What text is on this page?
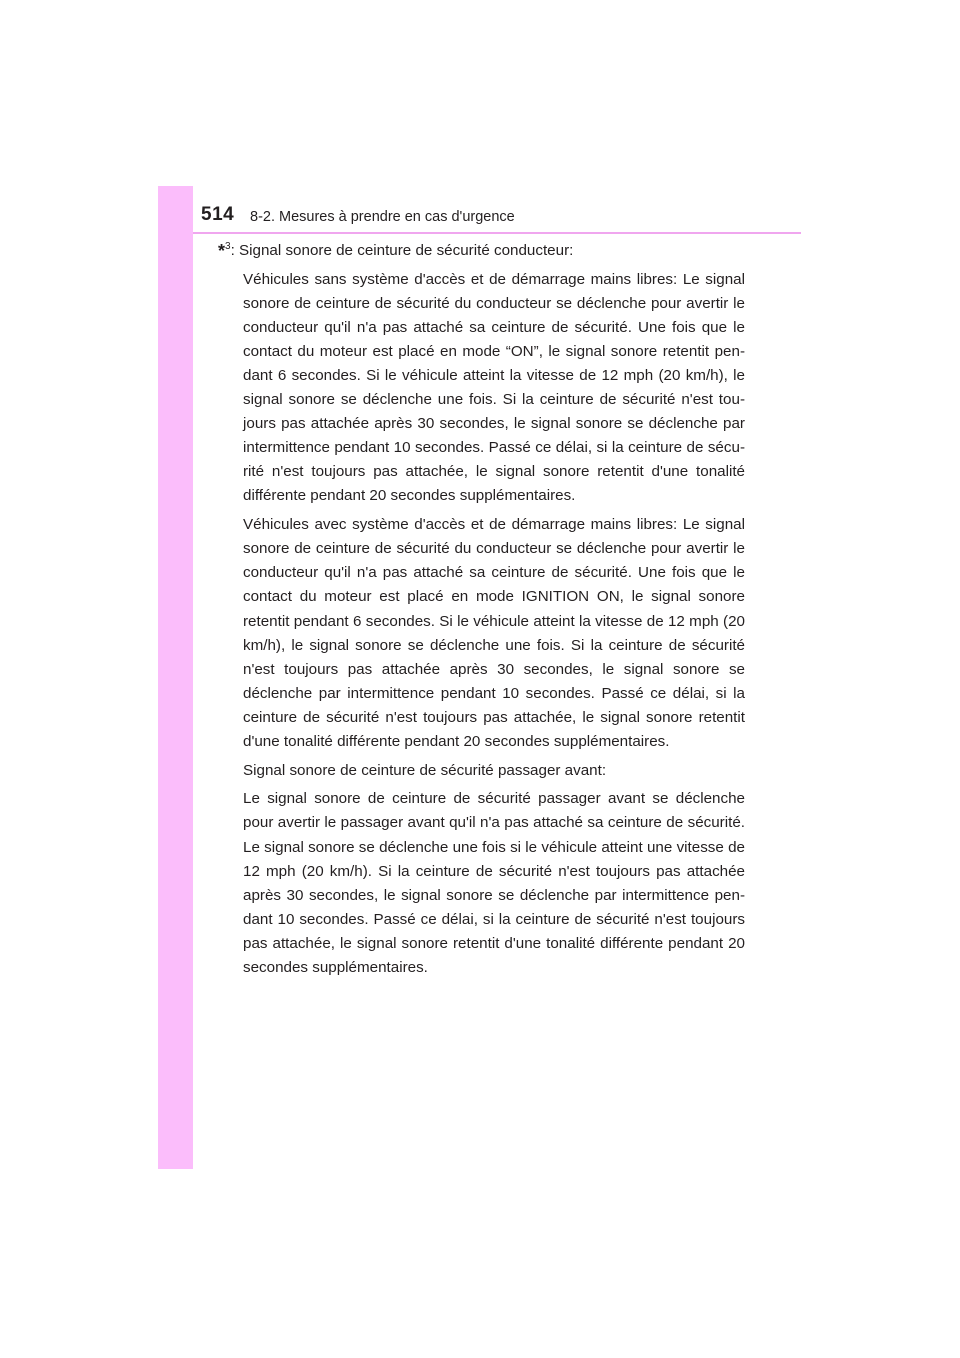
514 8-2. Mesures à prendre en cas d'urgence

*$^3$: Signal sonore de ceinture de sécurité conducteur:

Véhicules sans système d'accès et de démarrage mains libres: Le signal sonore de ceinture de sécurité du conducteur se déclenche pour avertir le conducteur qu'il n'a pas attaché sa ceinture de sécurité. Une fois que le contact du moteur est placé en mode “ON”, le signal sonore retentit pendant 6 secondes. Si le véhicule atteint la vitesse de 12 mph (20 km/h), le signal sonore se déclenche une fois. Si la ceinture de sécurité n'est toujours pas attachée après 30 secondes, le signal sonore se déclenche par intermittence pendant 10 secondes. Passé ce délai, si la ceinture de sécurité n'est toujours pas attachée, le signal sonore retentit d'une tonalité différente pendant 20 secondes supplémentaires.

Véhicules avec système d'accès et de démarrage mains libres: Le signal sonore de ceinture de sécurité du conducteur se déclenche pour avertir le conducteur qu'il n'a pas attaché sa ceinture de sécurité. Une fois que le contact du moteur est placé en mode IGNITION ON, le signal sonore retentit pendant 6 secondes. Si le véhicule atteint la vitesse de 12 mph (20 km/h), le signal sonore se déclenche une fois. Si la ceinture de sécurité n'est toujours pas attachée après 30 secondes, le signal sonore se déclenche par intermittence pendant 10 secondes. Passé ce délai, si la ceinture de sécurité n'est toujours pas attachée, le signal sonore retentit d'une tonalité différente pendant 20 secondes supplémentaires.

Signal sonore de ceinture de sécurité passager avant:

Le signal sonore de ceinture de sécurité passager avant se déclenche pour avertir le passager avant qu'il n'a pas attaché sa ceinture de sécurité. Le signal sonore se déclenche une fois si le véhicule atteint une vitesse de 12 mph (20 km/h). Si la ceinture de sécurité n'est toujours pas attachée après 30 secondes, le signal sonore se déclenche par intermittence pendant 10 secondes. Passé ce délai, si la ceinture de sécurité n'est toujours pas attachée, le signal sonore retentit d'une tonalité différente pendant 20 secondes supplémentaires.
